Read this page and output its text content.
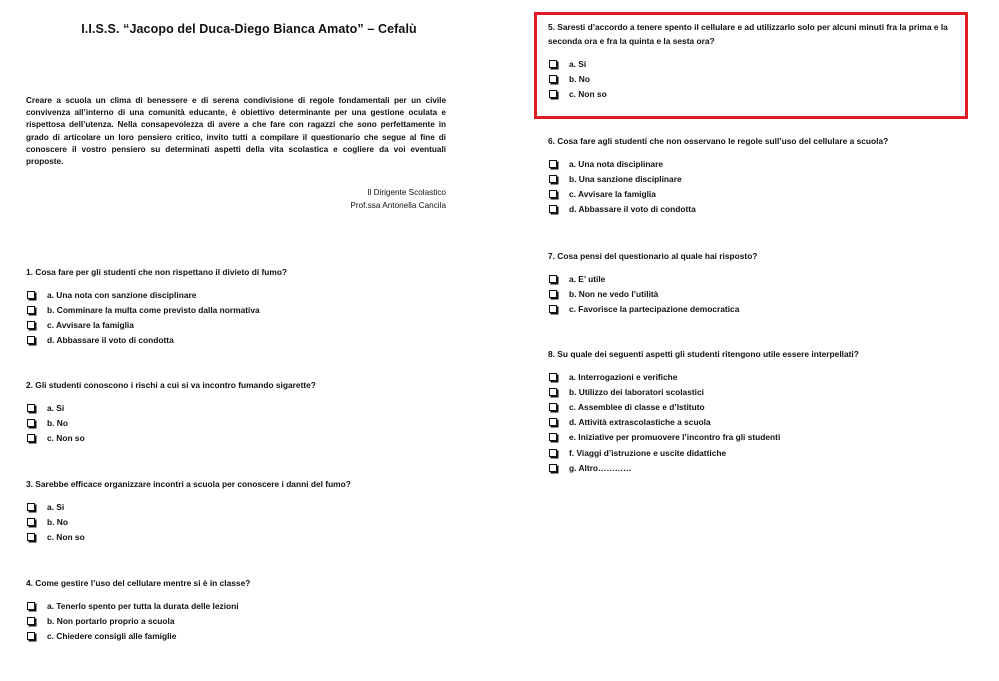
I.I.S.S. “Jacopo del Duca-Diego Bianca Amato” – Cefalù
Creare a scuola un clima di benessere e di serena condivisione di regole fondamentali per un civile convivenza all’interno di una comunità educante, è obiettivo determinante per una gestione oculata e rispettosa dell’utenza. Nella consapevolezza di avere a che fare con ragazzi che sono perfettamente in grado di articolare un loro pensiero critico, invito tutti a compilare il questionario che segue al fine di conoscere il vostro pensiero su determinati aspetti della vita scolastica e cogliere da voi eventuali proposte.
Il Dirigente Scolastico
Prof.ssa Antonella Cancila

1. Cosa fare per gli studenti che non rispettano il divieto di fumo?

a. Una nota con sanzione disciplinare
b. Comminare la multa come previsto dalla normativa
c. Avvisare la famiglia
d. Abbassare il voto di condotta

2. Gli studenti conoscono i rischi a cui si va incontro fumando sigarette?

a. Si
b. No
c. Non so

3. Sarebbe efficace organizzare incontri a scuola per conoscere i danni del fumo?

a. Si
b. No
c. Non so

4. Come gestire l’uso del cellulare mentre si è in classe?

a. Tenerlo spento per tutta la durata delle lezioni
b. Non portarlo proprio a scuola
c. Chiedere consigli alle famiglie

5. Saresti d’accordo a tenere spento il cellulare e ad utilizzarlo solo per alcuni minuti fra la prima e la seconda ora e fra la quinta e la sesta ora?

a. Si
b. No
c. Non so

6. Cosa fare agli studenti che non osservano le regole sull’uso del cellulare a scuola?

a. Una nota disciplinare
b. Una sanzione disciplinare
c. Avvisare la famiglia
d. Abbassare il voto di condotta

7. Cosa pensi del questionario al quale hai risposto?

a. E’ utile
b. Non ne vedo l’utilità
c. Favorisce la partecipazione democratica

8. Su quale dei seguenti aspetti gli studenti ritengono utile essere interpellati?

a. Interrogazioni e verifiche
b. Utilizzo dei laboratori scolastici
c. Assemblee di classe e d’Istituto
d. Attività extrascolastiche a scuola
e. Iniziative per promuovere l’incontro fra gli studenti
f. Viaggi d’istruzione e uscite didattiche
g. Altro…………
